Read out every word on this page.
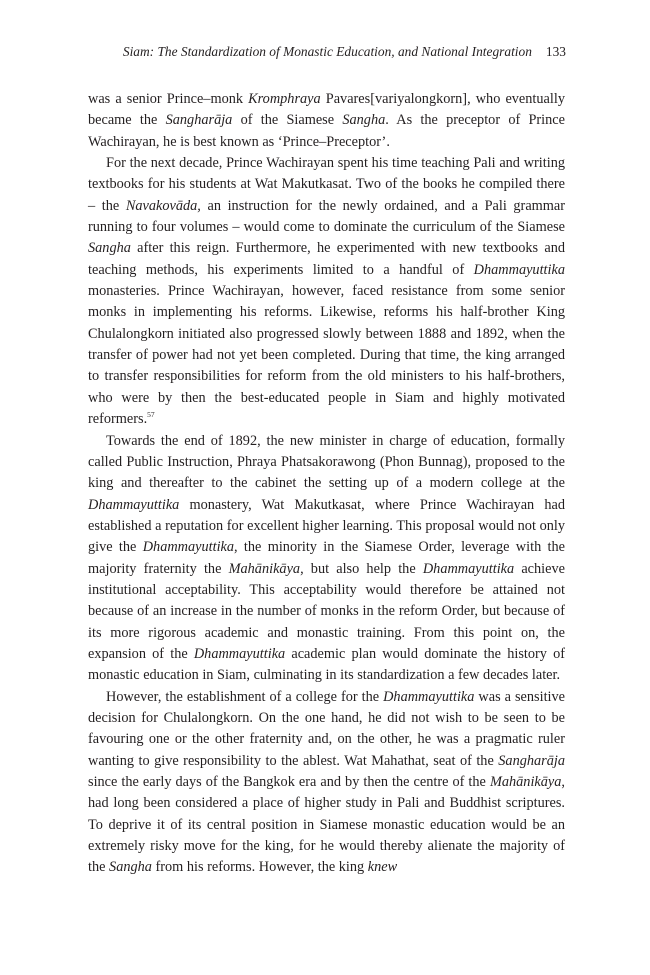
Siam: The Standardization of Monastic Education, and National Integration 133

was a senior Prince–monk Kromphraya Pavares[variyalongkorn], who eventually became the Sangharāja of the Siamese Sangha. As the preceptor of Prince Wachirayan, he is best known as ‘Prince–Preceptor’.

For the next decade, Prince Wachirayan spent his time teaching Pali and writing textbooks for his students at Wat Makutkasat. Two of the books he compiled there – the Navakovāda, an instruction for the newly ordained, and a Pali grammar running to four volumes – would come to dominate the curriculum of the Siamese Sangha after this reign. Furthermore, he experimented with new textbooks and teaching methods, his experiments limited to a handful of Dhammayuttika monasteries. Prince Wachirayan, however, faced resistance from some senior monks in implementing his reforms. Likewise, reforms his half-brother King Chulalongkorn initiated also progressed slowly between 1888 and 1892, when the transfer of power had not yet been completed. During that time, the king arranged to transfer responsibilities for reform from the old ministers to his half-brothers, who were by then the best-educated people in Siam and highly motivated reformers.$^{57}$

Towards the end of 1892, the new minister in charge of education, formally called Public Instruction, Phraya Phatsakorawong (Phon Bunnag), proposed to the king and thereafter to the cabinet the setting up of a modern college at the Dhammayuttika monastery, Wat Makutkasat, where Prince Wachirayan had established a reputation for excellent higher learning. This proposal would not only give the Dhammayuttika, the minority in the Siamese Order, leverage with the majority fraternity the Mahānikāya, but also help the Dhammayuttika achieve institutional acceptability. This acceptability would therefore be attained not because of an increase in the number of monks in the reform Order, but because of its more rigorous academic and monastic training. From this point on, the expansion of the Dhammayuttika academic plan would dominate the history of monastic education in Siam, culminating in its standardization a few decades later.

However, the establishment of a college for the Dhammayuttika was a sensitive decision for Chulalongkorn. On the one hand, he did not wish to be seen to be favouring one or the other fraternity and, on the other, he was a pragmatic ruler wanting to give responsibility to the ablest. Wat Mahathat, seat of the Sangharāja since the early days of the Bangkok era and by then the centre of the Mahānikāya, had long been considered a place of higher study in Pali and Buddhist scriptures. To deprive it of its central position in Siamese monastic education would be an extremely risky move for the king, for he would thereby alienate the majority of the Sangha from his reforms. However, the king knew
